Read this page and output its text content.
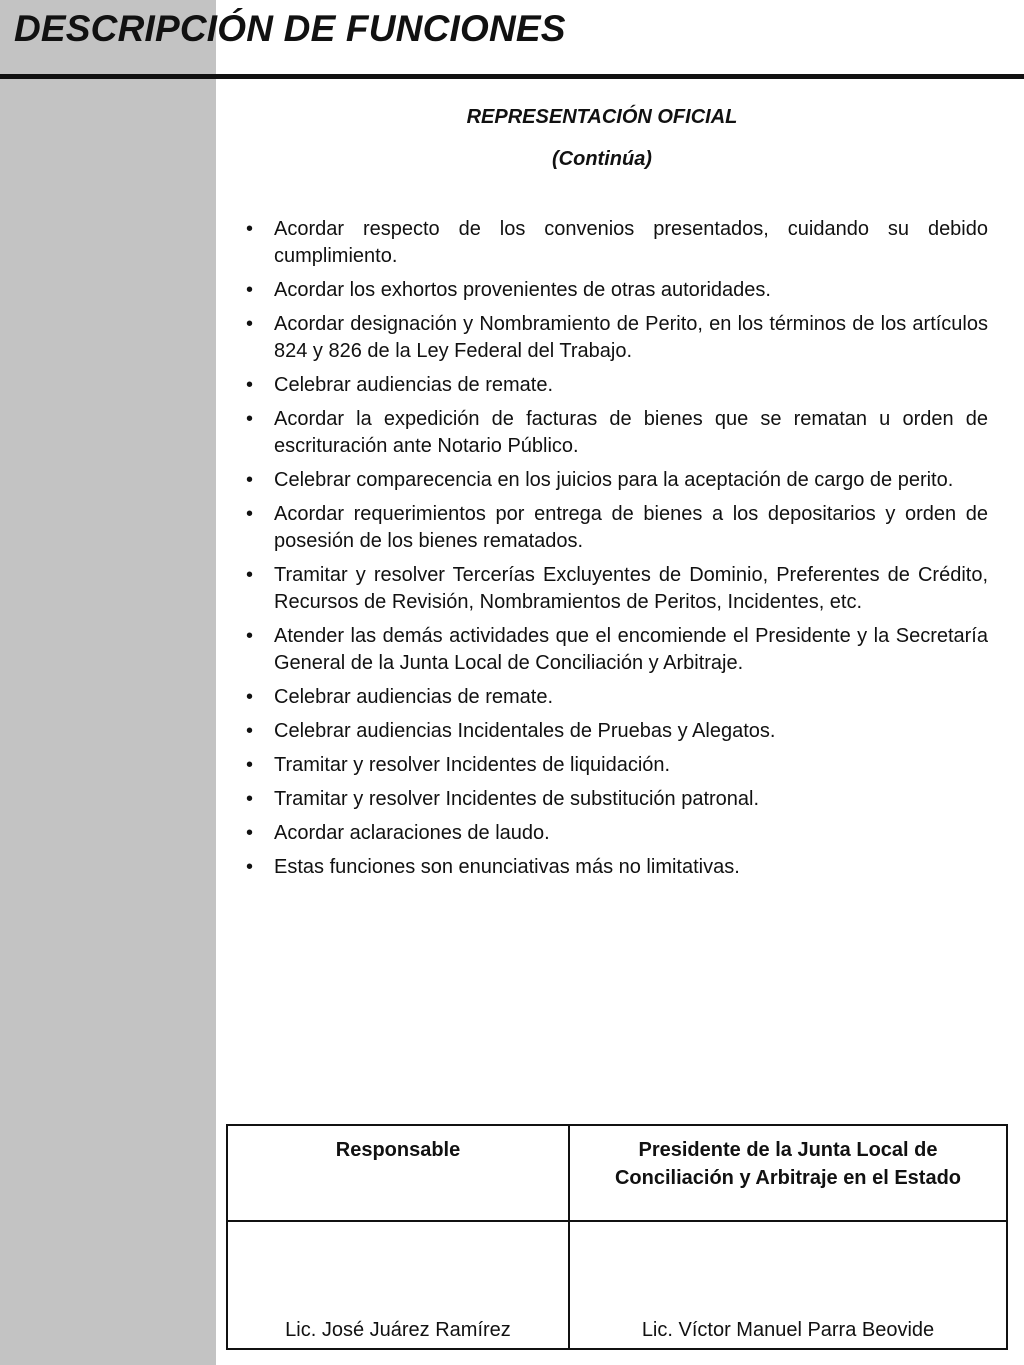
DESCRIPCIÓN DE FUNCIONES
REPRESENTACIÓN OFICIAL
(Continúa)
• Acordar respecto de los convenios presentados, cuidando su debido cumplimiento.
• Acordar los exhortos provenientes de otras autoridades.
• Acordar designación y Nombramiento de Perito, en los términos de los artículos 824 y 826 de la Ley Federal del Trabajo.
• Celebrar audiencias de remate.
• Acordar la expedición de facturas de bienes que se rematan u orden de escrituración ante Notario Público.
• Celebrar comparecencia en los juicios para la aceptación de cargo de perito.
• Acordar requerimientos por entrega de bienes a los depositarios y orden de posesión de los bienes rematados.
• Tramitar y resolver Tercerías Excluyentes de Dominio, Preferentes de Crédito, Recursos de Revisión, Nombramientos de Peritos, Incidentes, etc.
• Atender las demás actividades que el encomiende el Presidente y la Secretaría General de la Junta Local de Conciliación y Arbitraje.
• Celebrar audiencias de remate.
• Celebrar audiencias Incidentales de Pruebas y Alegatos.
• Tramitar y resolver Incidentes de liquidación.
• Tramitar y resolver Incidentes de substitución patronal.
• Acordar aclaraciones de laudo.
• Estas funciones son enunciativas más no limitativas.
Responsable	Presidente de la Junta Local de
Conciliación y Arbitraje en el Estado
Lic. José Juárez Ramírez	Lic. Víctor Manuel Parra Beovide
